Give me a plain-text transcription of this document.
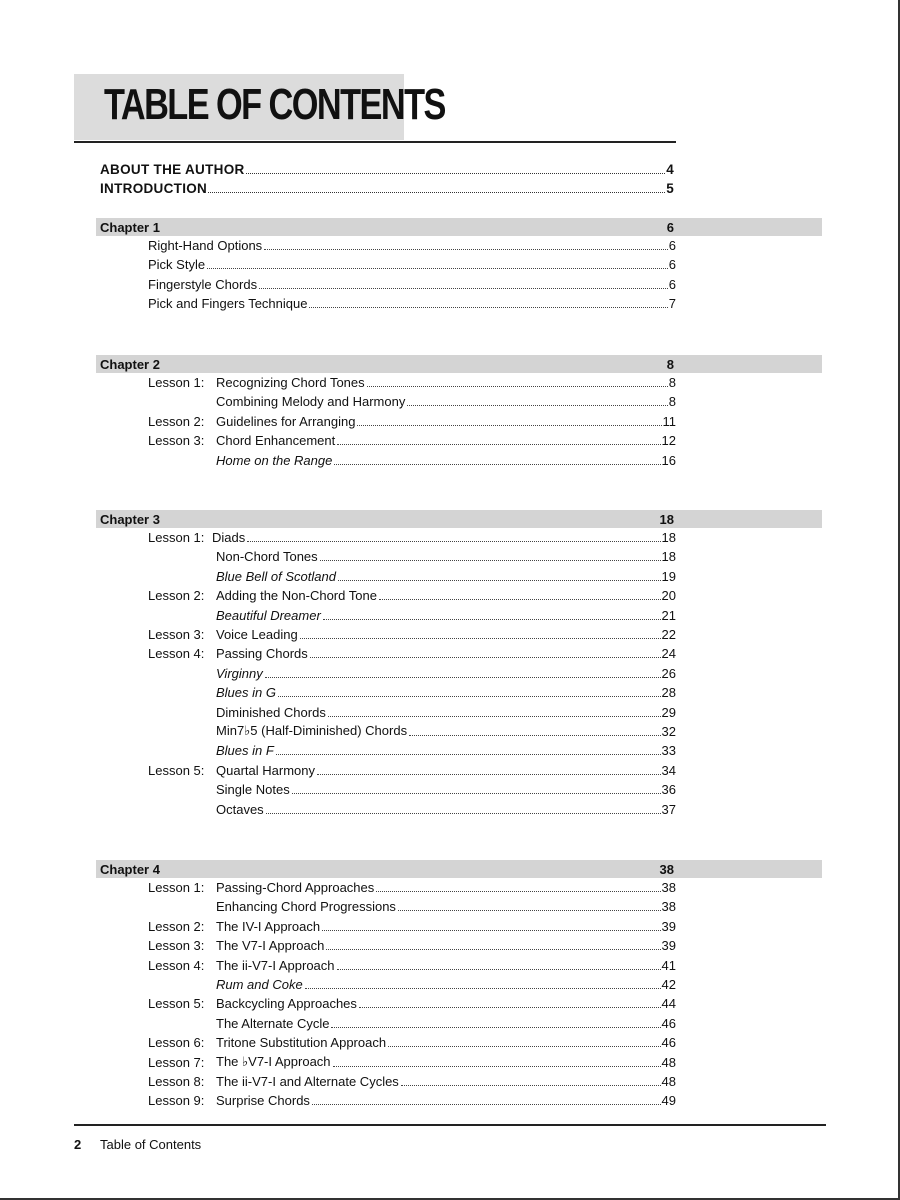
TABLE OF CONTENTS
ABOUT THE AUTHOR	4
INTRODUCTION	5
Chapter 1	6
Right-Hand Options	6
Pick Style	6
Fingerstyle Chords	6
Pick and Fingers Technique	7
Chapter 2	8
Lesson 1: Recognizing Chord Tones	8
Combining Melody and Harmony	8
Lesson 2: Guidelines for Arranging	11
Lesson 3: Chord Enhancement	12
Home on the Range	16
Chapter 3	18
Lesson 1: Diads	18
Non-Chord Tones	18
Blue Bell of Scotland	19
Lesson 2: Adding the Non-Chord Tone	20
Beautiful Dreamer	21
Lesson 3: Voice Leading	22
Lesson 4: Passing Chords	24
Virginny	26
Blues in G	28
Diminished Chords	29
Min7♭5 (Half-Diminished) Chords	32
Blues in F	33
Lesson 5: Quartal Harmony	34
Single Notes	36
Octaves	37
Chapter 4	38
Lesson 1: Passing-Chord Approaches	38
Enhancing Chord Progressions	38
Lesson 2: The IV-I Approach	39
Lesson 3: The V7-I Approach	39
Lesson 4: The ii-V7-I Approach	41
Rum and Coke	42
Lesson 5: Backcycling Approaches	44
The Alternate Cycle	46
Lesson 6: Tritone Substitution Approach	46
Lesson 7: The ♭V7-I Approach	48
Lesson 8: The ii-V7-I and Alternate Cycles	48
Lesson 9: Surprise Chords	49
2 Table of Contents
